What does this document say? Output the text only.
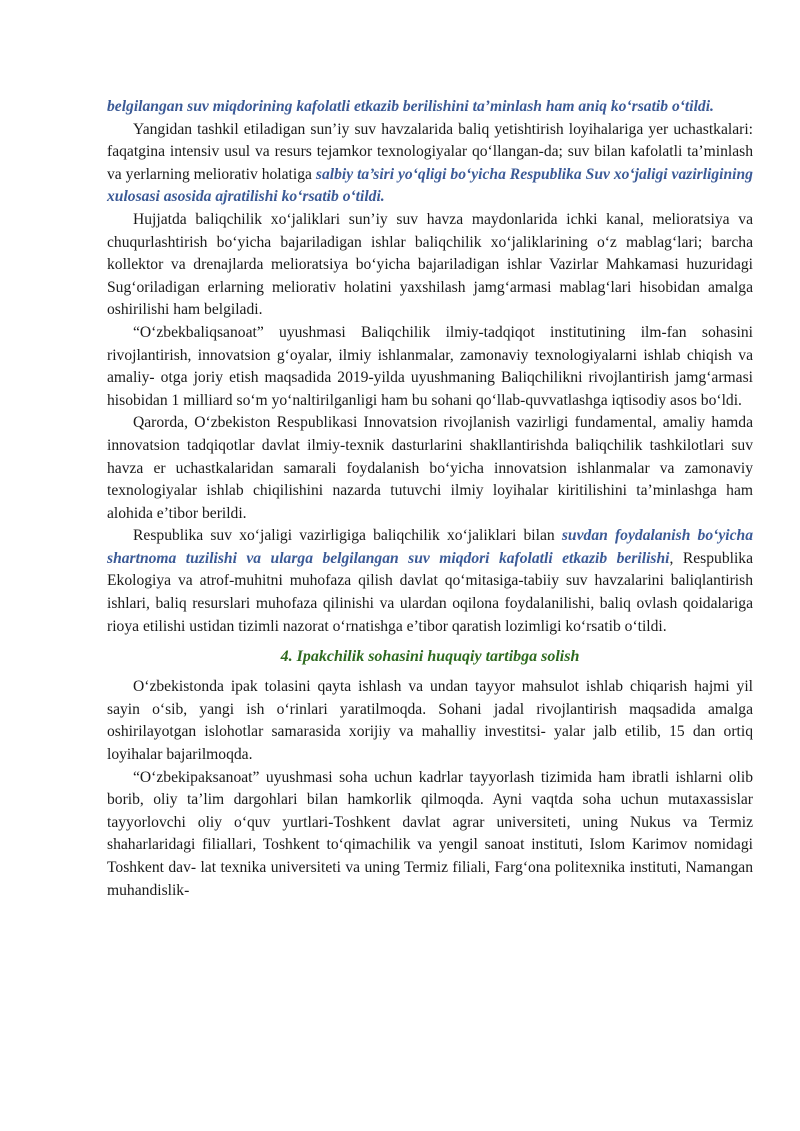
belgilangan suv miqdorining kafolatli etkazib berilishini ta’minlash ham aniq ko‘rsatib o‘tildi.

Yangidan tashkil etiladigan sun’iy suv havzalarida baliq yetishtirish loyihalariga yer uchastkalari: faqatgina intensiv usul va resurs tejamkor texnologiyalar qo‘llangan-da; suv bilan kafolatli ta’minlash va yerlarning meliorativ holatiga salbiy ta’siri yo‘qligi bo‘yicha Respublika Suv xo‘jaligi vazirligining xulosasi asosida ajratilishi ko‘rsatib o‘tildi.

Hujjatda baliqchilik xo‘jaliklari sun’iy suv havza maydonlarida ichki kanal, melioratsiya va chuqurlashtirish bo‘yicha bajariladigan ishlar baliqchilik xo‘jaliklarining o‘z mablag‘lari; barcha kollektor va drenajlarda melioratsiya bo‘yicha bajariladigan ishlar Vazirlar Mahkamasi huzuridagi Sug‘oriladigan erlarning meliorativ holatini yaxshilash jamg‘armasi mablag‘lari hisobidan amalga oshirilishi ham belgiladi.

“O‘zbekbaliqsanoat” uyushmasi Baliqchilik ilmiy-tadqiqot institutining ilm-fan sohasini rivojlantirish, innovatsion g‘oyalar, ilmiy ishlanmalar, zamonaviy texnologiyalarni ishlab chiqish va amaliy- otga joriy etish maqsadida 2019-yilda uyushmaning Baliqchilikni rivojlantirish jamg‘armasi hisobidan 1 milliard so‘m yo‘naltirilganligi ham bu sohani qo‘llab-quvvatlashga iqtisodiy asos bo‘ldi.

Qarorda, O‘zbekiston Respublikasi Innovatsion rivojlanish vazirligi fundamental, amaliy hamda innovatsion tadqiqotlar davlat ilmiy-texnik dasturlarini shakllantirishda baliqchilik tashkilotlari suv havza er uchastkalaridan samarali foydalanish bo‘yicha innovatsion ishlanmalar va zamonaviy texnologiyalar ishlab chiqilishini nazarda tutuvchi ilmiy loyihalar kiritilishini ta’minlashga ham alohida e’tibor berildi.

Respublika suv xo‘jaligi vazirligiga baliqchilik xo‘jaliklari bilan suvdan foydalanish bo‘yicha shartnoma tuzilishi va ularga belgilangan suv miqdori kafolatli etkazib berilishi, Respublika Ekologiya va atrof-muhitni muhofaza qilish davlat qo‘mitasiga-tabiiy suv havzalarini baliqlantirish ishlari, baliq resurslari muhofaza qilinishi va ulardan oqilona foydalanilishi, baliq ovlash qoidalariga rioya etilishi ustidan tizimli nazorat o‘rnatishga e’tibor qaratish lozimligi ko‘rsatib o‘tildi.

4. Ipakchilik sohasini huquqiy tartibga solish

O‘zbekistonda ipak tolasini qayta ishlash va undan tayyor mahsulot ishlab chiqarish hajmi yil sayin o‘sib, yangi ish o‘rinlari yaratilmoqda. Sohani jadal rivojlantirish maqsadida amalga oshirilayotgan islohotlar samarasida xorijiy va mahalliy investitsi- yalar jalb etilib, 15 dan ortiq loyihalar bajarilmoqda.

“O‘zbekipaksanoat” uyushmasi soha uchun kadrlar tayyorlash tizimida ham ibratli ishlarni olib borib, oliy ta’lim dargohlari bilan hamkorlik qilmoqda. Ayni vaqtda soha uchun mutaxassislar tayyorlovchi oliy o‘quv yurtlari-Toshkent davlat agrar universiteti, uning Nukus va Termiz shaharlaridagi filiallari, Toshkent to‘qimachilik va yengil sanoat instituti, Islom Karimov nomidagi Toshkent dav- lat texnika universiteti va uning Termiz filiali, Farg‘ona politexnika instituti, Namangan muhandislik-
